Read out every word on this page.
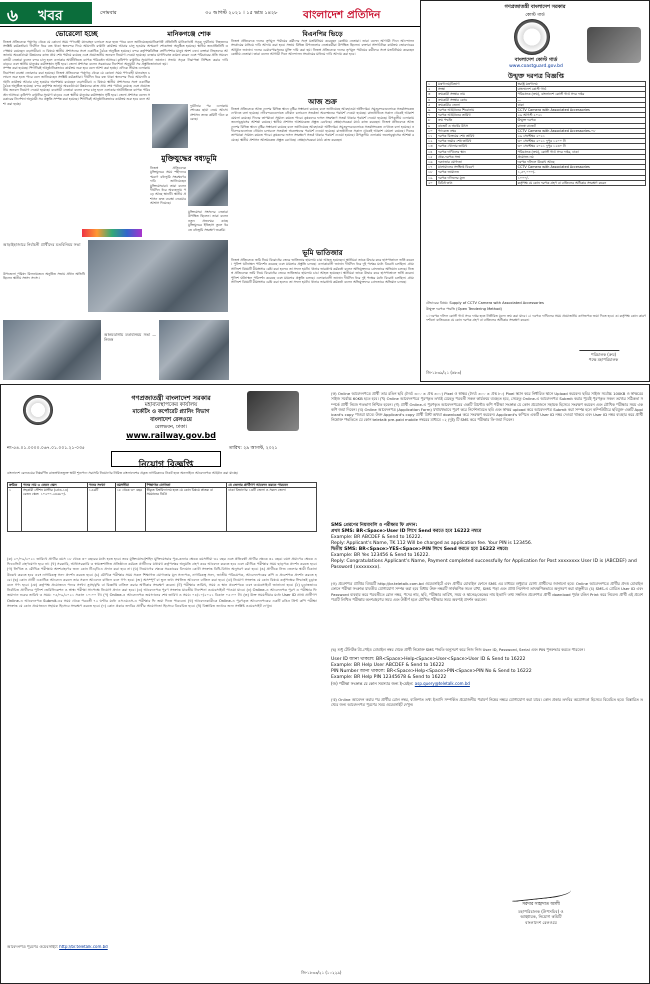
৬ খবর	সোমবার	৩০ আগস্ট ২০২১ । ১৫ ভাদ্র ১৪২৮ বাংলাদেশ প্রতিদিন
ভোরেলো হচ্ছে
নিজস্ব প্রতিবেদক পঞ্চগড় থেকে যে কোনো সময় পণ্যবাহী যানবাহন চলাচল শুরু হতে পারে বলে জানিয়েছেন সংশ্লিষ্ট কর্মকর্তারা। দীর্ঘদিন ধরে বন্ধ থাকা স্থলবন্দর দিয়ে আমদানি রপ্তানি কার্যক্রম আবার চালু হওয়ার অপেক্ষায় রয়েছেন ব্যবসায়ীরা। এ বিষয়ে স্থানীয় প্রশাসনের সঙ্গে একাধিক বৈঠক অনুষ্ঠিত হয়েছে। বন্দর কর্তৃপক্ষ জানায় অবকাঠামো উন্নয়নের কাজ প্রায় শেষ পর্যায়ে রয়েছে এবং প্রয়োজনীয় জনবল নিয়োগ দেওয়া হয়েছে। ব্যবসায়ী নেতারা বলেন বন্দর চালু হলে এলাকার অর্থনীতিতে ব্যাপক পরিবর্তন আসবে। কৃষিপণ্য রপ্তানির সুযোগ বাড়বে এবং স্থানীয় মানুষের কর্মসংস্থান সৃষ্টি হবে। জেলা প্রশাসক বলেন সরকারের নির্দেশনা অনুযায়ী সব প্রস্তুতি সম্পন্ন করা হয়েছে। শিগগিরই আনুষ্ঠানিকভাবে কার্যক্রম শুরু হবে বলে আশা করা হচ্ছে। এদিকে সীমান্ত এলাকায় নিরাপত্তা ব্যবস্থা জোরদার করা হয়েছে। নিজস্ব প্রতিবেদক পঞ্চগড় থেকে যে কোনো সময় পণ্যবাহী যানবাহন চলাচল শুরু হতে পারে বলে জানিয়েছেন সংশ্লিষ্ট কর্মকর্তারা। দীর্ঘদিন ধরে বন্ধ থাকা স্থলবন্দর দিয়ে আমদানি রপ্তানি কার্যক্রম আবার চালু হওয়ার অপেক্ষায় রয়েছেন ব্যবসায়ীরা। এ বিষয়ে স্থানীয় প্রশাসনের সঙ্গে একাধিক বৈঠক অনুষ্ঠিত হয়েছে। বন্দর কর্তৃপক্ষ জানায় অবকাঠামো উন্নয়নের কাজ প্রায় শেষ পর্যায়ে রয়েছে এবং প্রয়োজনীয় জনবল নিয়োগ দেওয়া হয়েছে। ব্যবসায়ী নেতারা বলেন বন্দর চালু হলে এলাকার অর্থনীতিতে ব্যাপক পরিবর্তন আসবে। কৃষিপণ্য রপ্তানির সুযোগ বাড়বে এবং স্থানীয় মানুষের কর্মসংস্থান সৃষ্টি হবে। জেলা প্রশাসক বলেন সরকারের নির্দেশনা অনুযায়ী সব প্রস্তুতি সম্পন্ন করা হয়েছে। শিগগিরই আনুষ্ঠানিকভাবে কার্যক্রম শুরু হবে বলে আশা করা হচ্ছে।
মানিকগঞ্জে শোক
মানিকগঞ্জ প্রতিনিধি মানিকগঞ্জে সড়ক দুর্ঘটনায় নিহতদের স্মরণে শোকসভা অনুষ্ঠিত হয়েছে। স্থানীয় জনপ্রতিনিধি ও বিভিন্ন শ্রেণিপেশার মানুষ অংশ নেন। বক্তারা নিহতদের আত্মার মাগফিরাত কামনা করেন এবং পরিবারের প্রতি সমবেদনা জানান। সভায় সড়ক নিরাপত্তা নিশ্চিত করার দাবি জানানো হয়।
দুর্ঘটনার পর এলাকায় শোকের ছায়া নেমে আসে। প্রশাসন তদন্ত কমিটি গঠন করেছে।
মুক্তিযুদ্ধের বধ্যভূমি
নিজস্ব প্রতিবেদক মুক্তিযুদ্ধের সময় শহীদদের স্মরণে বধ্যভূমি সংরক্ষণের দাবি জানিয়েছেন মুক্তিযোদ্ধারা। তারা বলেন দীর্ঘদিন ধরে অবহেলায় পড়ে আছে স্থানটি। স্থানীয় প্রশাসন দ্রুত ব্যবস্থা নেওয়ার আশ্বাস দিয়েছে।
মুক্তিযোদ্ধা সংসদের নেতারা উপস্থিত ছিলেন। তারা বলেন নতুন প্রজন্মের কাছে মুক্তিযুদ্ধের ইতিহাস তুলে ধরতে বধ্যভূমি সংরক্ষণ জরুরি।
আড়াইহাজারে নির্বাচনী প্রার্থীদের মতবিনিময় সভা
উপজেলা পরিষদ মিলনায়তনে অনুষ্ঠিত সভায় প্রধান অতিথি ছিলেন স্থানীয় সংসদ সদস্য।
আলমডাঙ্গায় মতবিনিময় সভা — নিজস্ব
বিএনপির ভিড়ে
নিজস্ব প্রতিবেদক দলের তৃণমূল পর্যায়ের কর্মীদের সঙ্গে মতবিনিময় করেছেন কেন্দ্রীয় নেতারা। তারা বলেন আগামী দিনে আন্দোলন সংগ্রামের মাধ্যমে দাবি আদায় করা হবে। সভায় বিভিন্ন উপজেলার নেতাকর্মীরা উপস্থিত ছিলেন। বক্তারা সাংগঠনিক কার্যক্রম জোরদারের আহ্বান জানান। দলের চেয়ারপারসনের মুক্তি দাবি করা হয়। নিজস্ব প্রতিবেদক দলের তৃণমূল পর্যায়ের কর্মীদের সঙ্গে মতবিনিময় করেছেন কেন্দ্রীয় নেতারা। তারা বলেন আগামী দিনে আন্দোলন সংগ্রামের মাধ্যমে দাবি আদায় করা হবে।
আজ শুক্র
নিজস্ব প্রতিবেদক আজ দেশের বিভিন্ন স্থানে বৃষ্টির সম্ভাবনা রয়েছে বলে জানিয়েছে আবহাওয়া অধিদপ্তর। সমুদ্রবন্দরগুলোকে সতর্কসংকেত দেখাতে বলা হয়েছে। নদীবন্দরগুলোতে নৌযান চলাচলে সতর্কতা অবলম্বনের পরামর্শ দেওয়া হয়েছে। রাজধানীতে সকাল থেকেই আকাশ মেঘলা রয়েছে। দিনের তাপমাত্রা সামান্য কমতে পারে। কৃষকদের ফসল সংরক্ষণে সতর্ক থাকার পরামর্শ দেওয়া হয়েছে। উপকূলীয় এলাকায় জলোচ্ছ্বাসের আশঙ্কা রয়েছে। স্থানীয় প্রশাসন আশ্রয়কেন্দ্র প্রস্তুত রেখেছে। স্বেচ্ছাসেবকরা মাঠে কাজ করছেন। নিজস্ব প্রতিবেদক আজ দেশের বিভিন্ন স্থানে বৃষ্টির সম্ভাবনা রয়েছে বলে জানিয়েছে আবহাওয়া অধিদপ্তর। সমুদ্রবন্দরগুলোকে সতর্কসংকেত দেখাতে বলা হয়েছে। নদীবন্দরগুলোতে নৌযান চলাচলে সতর্কতা অবলম্বনের পরামর্শ দেওয়া হয়েছে। রাজধানীতে সকাল থেকেই আকাশ মেঘলা রয়েছে। দিনের তাপমাত্রা সামান্য কমতে পারে। কৃষকদের ফসল সংরক্ষণে সতর্ক থাকার পরামর্শ দেওয়া হয়েছে। উপকূলীয় এলাকায় জলোচ্ছ্বাসের আশঙ্কা রয়েছে। স্থানীয় প্রশাসন আশ্রয়কেন্দ্র প্রস্তুত রেখেছে। স্বেচ্ছাসেবকরা মাঠে কাজ করছেন।
ভূমি ভাতিজার
নিজস্ব প্রতিবেদক জমি নিয়ে বিরোধের জেরে ভাতিজার হামলায় চাচা আহত হয়েছেন। স্থানীয়রা তাকে উদ্ধার করে হাসপাতালে ভর্তি করেন। পুলিশ ঘটনাস্থল পরিদর্শন করেছে এবং মামলার প্রস্তুতি চলছে। এলাকাবাসী জানান দীর্ঘদিন ধরে দুই পক্ষের মধ্যে বিরোধ চলছিল। গ্রাম্য সালিশে বিষয়টি মীমাংসার চেষ্টা করা হলেও তা সফল হয়নি। থানার ভারপ্রাপ্ত কর্মকর্তা বলেন অভিযুক্তদের গ্রেফতারে অভিযান চলছে। নিজস্ব প্রতিবেদক জমি নিয়ে বিরোধের জেরে ভাতিজার হামলায় চাচা আহত হয়েছেন। স্থানীয়রা তাকে উদ্ধার করে হাসপাতালে ভর্তি করেন। পুলিশ ঘটনাস্থল পরিদর্শন করেছে এবং মামলার প্রস্তুতি চলছে। এলাকাবাসী জানান দীর্ঘদিন ধরে দুই পক্ষের মধ্যে বিরোধ চলছিল। গ্রাম্য সালিশে বিষয়টি মীমাংসার চেষ্টা করা হলেও তা সফল হয়নি। থানার ভারপ্রাপ্ত কর্মকর্তা বলেন অভিযুক্তদের গ্রেফতারে অভিযান চলছে।
গণপ্রজাতন্ত্রী বাংলাদেশ সরকার
কোস্ট গার্ড
বাংলাদেশ কোস্ট গার্ড
www.coastguard.gov.bd
উন্মুক্ত দরপত্র বিজ্ঞপ্তি
১	মন্ত্রণালয়/বিভাগ	স্বরাষ্ট্র মন্ত্রণালয়
২	সংস্থা	বাংলাদেশ কোস্ট গার্ড
৩	ক্রয়কারী সংস্থার নাম	পরিচালক (ক্রয়), বাংলাদেশ কোস্ট গার্ড সদর দপ্তর
৪	ক্রয়কারী সংস্থার কোড	—
৫	ক্রয়কারীর জেলা	ঢাকা
৬	দরপত্র আহ্বানের শিরোনাম	CCTV Camera with Associated Accessories
৭	দরপত্র আহ্বানের তারিখ	২৯ আগস্ট ২০২১
৮	ক্রয় পদ্ধতি	উন্মুক্ত দরপত্র
৯	বাজেট ও অর্থের উৎস	রাজস্ব বাজেট
১০	প্যাকেজ নম্বর	CCTV Camera with Associated Accessories-০৮
১১	দরপত্র বিক্রয়ের শেষ তারিখ	২৯ সেপ্টেম্বর ২০২১
১২	দরপত্র জমার শেষ তারিখ	৩০ সেপ্টেম্বর ২০২১ দুপুর ১২০০ টা
১৩	দরপত্র খোলার তারিখ	৩০ সেপ্টেম্বর ২০২১ দুপুর ১২৩০ টা
১৪	দরপত্র দাখিলের স্থান	পরিচালক (ক্রয়), কোস্ট গার্ড সদর দপ্তর, ঢাকা
১৫	প্রাক-দরপত্র সভা	প্রযোজ্য নয়
১৬	দরদাতার যোগ্যতা	দরপত্র দলিলে উল্লেখ আছে
১৭	মালামালের সংক্ষিপ্ত বিবরণ	CCTV Camera with Associated Accessories
১৮	দরপত্র জামানত	১,৫০,০০০/-
১৯	দরপত্র দলিলের মূল্য	১০০০/-
২০	বিবিধ তথ্য	কর্তৃপক্ষ যে কোন দরপত্র গ্রহণ বা বাতিলের অধিকার সংরক্ষণ করেন
টেন্ডারের বিষয়: Supply of CCTV Camera with Associated Accessories
উন্মুক্ত দরপত্র পদ্ধতি (Open Tendering Method)
১। দরপত্র দলিল কোস্ট গার্ড সদর দপ্তর হতে নির্ধারিত মূল্যে ক্রয় করা যাবে। ২। দরপত্র দাখিলের সময় প্রয়োজনীয় কাগজপত্র জমা দিতে হবে। ৩। কর্তৃপক্ষ কোন কারণ দর্শানো ব্যতিরেকে যে কোন দরপত্র গ্রহণ বা বাতিলের অধিকার সংরক্ষণ করেন।
পরিচালক (ক্রয়)
পক্ষে মহাপরিচালক
জি-১৮৩৯/২১ (৬৮৩)
গণপ্রজাতন্ত্রী বাংলাদেশ সরকার
মহাব্যবস্থাপকের কার্যালয়
মার্কেটিং ও কর্পোরেট প্ল্যানিং বিভাগ
বাংলাদেশ রেলওয়ে
রেলভবন, ঢাকা।
www.railway.gov.bd
নং-৫৪.০১.০০০০.০৬৭.০১.০০১.২১-০৩৫	তারিখ: ২৯ আগস্ট, ২০২১
নিয়োগ বিজ্ঞপ্তি
বাংলাদেশ রেলওয়ের নিম্নবর্ণিত রাজস্বখাতভুক্ত স্থায়ী শূন্যপদে সরাসরি নিয়োগের নিমিত্ত বাংলাদেশের প্রকৃত নাগরিকদের নিকট হতে অনলাইনে আবেদনপত্র আহ্বান করা যাচ্ছে।
ক্রমিক	পদের নাম ও বেতন স্কেল	পদের সংখ্যা	বয়সসীমা	শিক্ষাগত যোগ্যতা	যে জেলার প্রার্থীগণ আবেদন করতে পারবেন
১	সহকারী স্টেশন মাস্টার (গ্রেড-১৪)
বেতন স্কেল: ১০২০০-২৪৬৮০/-	১৫৬টি	১৮ থেকে ৩০ বছর	স্বীকৃত বিশ্ববিদ্যালয় হতে যে কোন বিষয়ে স্নাতক বা সমমানের ডিগ্রি	ঢাকা বিভাগের ১৩টি জেলা ও সকল জেলা
(ক) ২০/০৯/২০২১ তারিখে প্রার্থীর বয়স ১৮ থেকে ৩০ বছরের মধ্যে হতে হবে। তবে মুক্তিযোদ্ধা/শহিদ মুক্তিযোদ্ধার পুত্র-কন্যার ক্ষেত্রে বয়সসীমা ৩২ বছর এবং প্রতিবন্ধী প্রার্থীর ক্ষেত্রে ৩২ বছর। বয়স প্রমাণের ক্ষেত্রে এফিডেভিট গ্রহণযোগ্য হবে না। (খ) সরকারি, আধাসরকারি ও স্বায়ত্তশাসিত প্রতিষ্ঠানে কর্মরত প্রার্থীদের যথাযথ কর্তৃপক্ষের অনুমতি গ্রহণ করে আবেদন করতে হবে এবং মৌখিক পরীক্ষার সময় ছাড়পত্র প্রদর্শন করতে হবে। (গ) লিখিত ও মৌখিক পরীক্ষায় অংশগ্রহণের জন্য কোন টিএ/ডিএ প্রদান করা হবে না। (ঘ) নিয়োগের ক্ষেত্রে সরকারের বিদ্যমান কোটা সংক্রান্ত বিধি-বিধান অনুসরণ করা হবে। (ঙ) প্রার্থীকে নিজ জেলার স্থায়ী ঠিকানা উল্লেখ করতে হবে এবং নাগরিকত্ব সনদ প্রদর্শন করতে হবে। (চ) মৌখিক পরীক্ষার সময় সকল শিক্ষাগত যোগ্যতার মূল সনদপত্র, নাগরিকত্ব সনদ, জাতীয় পরিচয়পত্র, আবেদনপত্রের কপি ও প্রবেশপত্র প্রদর্শন করতে হবে। (ছ) কোন প্রার্থী একাধিক আবেদন করলে তার সকল আবেদন বাতিল বলে গণ্য হবে। (জ) অসম্পূর্ণ বা ভুল তথ্য সম্বলিত আবেদন বাতিল করা হবে। (ঝ) নিয়োগ সংক্রান্ত যে কোন বিষয়ে কর্তৃপক্ষের সিদ্ধান্তই চূড়ান্ত বলে গণ্য হবে। (ঞ) কর্তৃপক্ষ প্রয়োজনে পদের সংখ্যা হ্রাস/বৃদ্ধি বা বিজ্ঞপ্তি বাতিল করার অধিকার সংরক্ষণ করেন। (ট) পরীক্ষার তারিখ, সময় ও স্থান প্রবেশপত্রে এবং ওয়েবসাইটে জানানো হবে। (ঠ) চূড়ান্তভাবে নির্বাচিত প্রার্থীদের পুলিশ ভেরিফিকেশন ও স্বাস্থ্য পরীক্ষা সাপেক্ষে নিয়োগ প্রদান করা হবে। (ড) আবেদনপত্র পূরণ সংক্রান্ত যাবতীয় নির্দেশনা ওয়েবসাইটে পাওয়া যাবে। (ঢ) Online-এ আবেদনপত্র পূরণ ও পরীক্ষার ফি জমাদান শুরুর তারিখ ও সময়: ০৫/০৯/২০২১ সকাল ১০:০০ টা। (ণ) Online-এ আবেদনপত্র জমাদানের শেষ তারিখ ও সময়: ০৪/১০/২০২১ বিকাল ০৫:০০ টা। (ত) উক্ত সময়সীমার মধ্যে User ID প্রাপ্ত প্রার্থীগণ Online-এ আবেদনপত্র Submit-এর সময় থেকে পরবর্তী ৭২ ঘণ্টার মধ্যে এসএমএস-এ পরীক্ষার ফি জমা দিতে পারবেন। (থ) আবেদনকারীকে Online-এ পূরণকৃত আবেদনপত্রের একটি রঙিন প্রিন্ট কপি পরীক্ষা সংক্রান্ত যে কোন প্রয়োজনে সহায়ক হিসেবে সংরক্ষণ করতে হবে। (দ) কোন প্রকার তদবির প্রার্থীর অযোগ্যতা হিসেবে বিবেচিত হবে। (ধ) বিস্তারিত তথ্যের জন্য সংশ্লিষ্ট ওয়েবসাইট দেখুন।
(ক) Online আবেদনপত্রে প্রার্থী তার রঙিন ছবি (দৈর্ঘ্য ৩০০ × প্রস্থ ৩০০) Pixel ও স্বাক্ষর (দৈর্ঘ্য ৩০০ × প্রস্থ ৮০) Pixel স্ক্যান করে নির্ধারিত স্থানে Upload করবেন। ছবির সাইজ সর্বোচ্চ 100KB ও স্বাক্ষরের সাইজ সর্বোচ্চ 60KB হতে হবে। (খ) Online আবেদনপত্রে পূরণকৃত তথ্যই যেহেতু পরবর্তী সকল কার্যক্রমে ব্যবহৃত হবে, সেহেতু Online-এ আবেদনপত্র Submit করার পূর্বেই পূরণকৃত সকল তথ্যের সঠিকতা সম্পর্কে প্রার্থী নিজে শতভাগ নিশ্চিত হবেন। (গ) প্রার্থী Online-এ পূরণকৃত আবেদনপত্রের একটি প্রিন্টেড কপি পরীক্ষা সংক্রান্ত যে কোন প্রয়োজনে সহায়ক হিসেবে সংরক্ষণ করবেন এবং মৌখিক পরীক্ষার সময় এক কপি জমা দিবেন। (ঘ) Online আবেদনপত্র (Application Form) যথাযথভাবে পূরণ করে নির্দেশনামতে ছবি এবং স্বাক্ষর upload করে আবেদনপত্র Submit করা সম্পন্ন হলে কম্পিউটারে ছবিযুক্ত একটি Applicant's copy পাওয়া যাবে। উক্ত Applicant's copy প্রার্থী প্রিন্ট অথবা download করে সংরক্ষণ করবেন। Applicant's কপিতে একটি User ID নম্বর দেওয়া থাকবে এবং User ID নম্বর ব্যবহার করে প্রার্থী নিম্নোক্ত পদ্ধতিতে যে কোন teletalk pre-paid mobile নম্বরের মাধ্যমে ০২ (দুই) টি SMS করে পরীক্ষার ফি জমা দিবেন।
SMS প্রেরণের নিয়মাবলি ও পরীক্ষার ফি প্রদান:
প্রথম SMS: BR<Space>User ID লিখে Send করতে হবে 16222 নম্বরে
Example: BR ABCDEF & Send to 16222.
Reply: Applicant's Name, TK 112 Will be charged as application fee. Your PIN is 123456.
দ্বিতীয় SMS: BR<Space>YES<Space>PIN লিখে Send করতে হবে 16222 নম্বরে।
Example: BR Yes 123456 & Send to 16222.
Reply: Congratulations Applicant's Name, Payment completed successfully for Application for Post xxxxxxxx User ID is (ABCDEF) and Password (xxxxxxxx).
(ঙ) প্রবেশপত্র প্রাপ্তির বিষয়টি http://br.teletalk.com.bd ওয়েবসাইটে এবং প্রার্থীর মোবাইল ফোনে SMS এর মাধ্যমে শুধুমাত্র যোগ্য প্রার্থীদের জানানো হবে। Online আবেদনপত্রে প্রার্থীর প্রদত্ত মোবাইল ফোনে পরীক্ষা সংক্রান্ত যাবতীয় যোগাযোগ সম্পন্ন করা হবে বিধায় উক্ত নম্বরটি সার্বক্ষণিক সচল রাখা, SMS পড়া এবং প্রাপ্ত নির্দেশনা তাৎক্ষণিকভাবে অনুসরণ করা বাঞ্ছনীয়। (চ) SMS-এ প্রেরিত User ID এবং Password ব্যবহার করে পরবর্তীতে রোল নম্বর, পদের নাম, ছবি, পরীক্ষার তারিখ, সময় ও স্থানের/কেন্দ্রের নাম ইত্যাদি তথ্য সম্বলিত প্রবেশপত্র প্রার্থী download পূর্বক রঙিন Print করে নিবেন। প্রার্থী এই প্রবেশপত্রটি লিখিত পরীক্ষায় অংশগ্রহণের সময় এবং উত্তীর্ণ হলে মৌখিক পরীক্ষার সময় অবশ্যই প্রদর্শন করবেন।
(ছ) শুধু টেলিটক প্রি-পেইড মোবাইল নম্বর থেকে প্রার্থী নিম্নোক্ত SMS পদ্ধতি অনুসরণ করে নিজ নিজ User ID, Password, Serial এবং PIN পুনরুদ্ধার করতে পারবেন।
User ID জানা থাকলে: BR<Space>Help<Space>User<Space>User ID & Send to 16222
Example: BR Help User ABCDEF & Send to 16222
PIN Number জানা থাকলে: BR<Space>Help<Space>PIN<Space>PIN No & Send to 16222
Example: BR Help PIN 12345678 & Send to 16222
(জ) পরীক্ষা সংক্রান্ত যে কোন সমস্যার জন্য ই-মেইল: asp.query@teletalk.com.bd
(ঝ) Online আবেদন করার পর প্রার্থীর রোল নম্বর, ব্যক্তিগত তথ্য ইত্যাদি সম্পর্কিত প্রয়োজনীয় পরামর্শ নিম্নের নম্বরে যোগাযোগ করা যাবে। কোন প্রকার তদবির অযোগ্যতা হিসেবে বিবেচিত হবে। বিস্তারিত তথ্যের জন্য আবেদনপত্র পূরণের সময় ওয়েবসাইট দেখুন।
আবেদনপত্র পূরণের ওয়েবসাইট: http://br.teletalk.com.bd
সরদার সাহাদাত আলী
মহাপরিচালক (উপসচিব) ও
আহ্বায়ক, নিয়োগ কমিটি
বাংলাদেশ রেলওয়ে
জি-১৮৩৩/২১ (১০২২৯)
